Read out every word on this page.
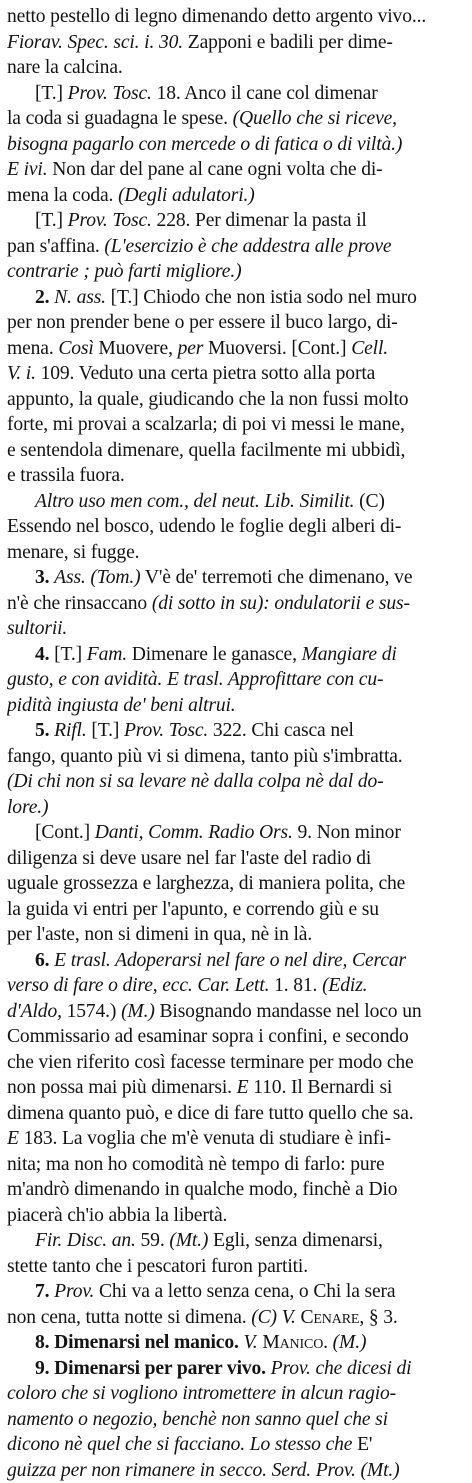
netto pestello di legno dimenando detto argento vivo...
Fiorav. Spec. sci. i. 30. Zapponi e badili per dime-
nare la calcina.
[T.] Prov. Tosc. 18. Anco il cane col dimenar
la coda si guadagna le spese. (Quello che si riceve,
bisogna pagarlo con mercede o di fatica o di viltà.)
E ivi. Non dar del pane al cane ogni volta che di-
mena la coda. (Degli adulatori.)
[T.] Prov. Tosc. 228. Per dimenar la pasta il
pan s'affina. (L'esercizio è che addestra alle prove
contrarie ; può farti migliore.)
2. N. ass. [T.] Chiodo che non istia sodo nel muro
per non prender bene o per essere il buco largo, di-
mena. Così Muovere, per Muoversi. [Cont.] Cell.
V. i. 109. Veduto una certa pietra sotto alla porta
appunto, la quale, giudicando che la non fussi molto
forte, mi provai a scalzarla; di poi vi messi le mane,
e sentendola dimenare, quella facilmente mi ubbidì,
e trassila fuora.
Altro uso men com., del neut. Lib. Similit. (C)
Essendo nel bosco, udendo le foglie degli alberi di-
menare, si fugge.
3. Ass. (Tom.) V'è de' terremoti che dimenano, ve
n'è che rinsaccano (di sotto in su): ondulatorii e sus-
sultorii.
4. [T.] Fam. Dimenare le ganasce, Mangiare di
gusto, e con avidità. E trasl. Approfittare con cu-
pidità ingiusta de' beni altrui.
5. Rifl. [T.] Prov. Tosc. 322. Chi casca nel
fango, quanto più vi si dimena, tanto più s'imbratta.
(Di chi non si sa levare nè dalla colpa nè dal do-
lore.)
[Cont.] Danti, Comm. Radio Ors. 9. Non minor
diligenza si deve usare nel far l'aste del radio di
uguale grossezza e larghezza, di maniera polita, che
la guida vi entri per l'apunto, e correndo giù e su
per l'aste, non si dimeni in qua, nè in là.
6. E trasl. Adoperarsi nel fare o nel dire, Cercar
verso di fare o dire, ecc. Car. Lett. 1. 81. (Ediz.
d'Aldo, 1574.) (M.) Bisognando mandasse nel loco un
Commissario ad esaminar sopra i confini, e secondo
che vien riferito così facesse terminare per modo che
non possa mai più dimenarsi. E 110. Il Bernardi si
dimena quanto può, e dice di fare tutto quello che sa.
E 183. La voglia che m'è venuta di studiare è infi-
nita; ma non ho comodità nè tempo di farlo: pure
m'andrò dimenando in qualche modo, finchè a Dio
piacerà ch'io abbia la libertà.
Fir. Disc. an. 59. (Mt.) Egli, senza dimenarsi,
stette tanto che i pescatori furon partiti.
7. Prov. Chi va a letto senza cena, o Chi la sera
non cena, tutta notte si dimena. (C) V. Cenare, § 3.
8. Dimenarsi nel manico. V. Manico. (M.)
9. Dimenarsi per parer vivo. Prov. che dicesi di
coloro che si vogliono intromettere in alcun ragio-
namento o negozio, benchè non sanno quel che si
dicono nè quel che si facciano. Lo stesso che E'
guizza per non rimanere in secco. Serd. Prov. (Mt.)
